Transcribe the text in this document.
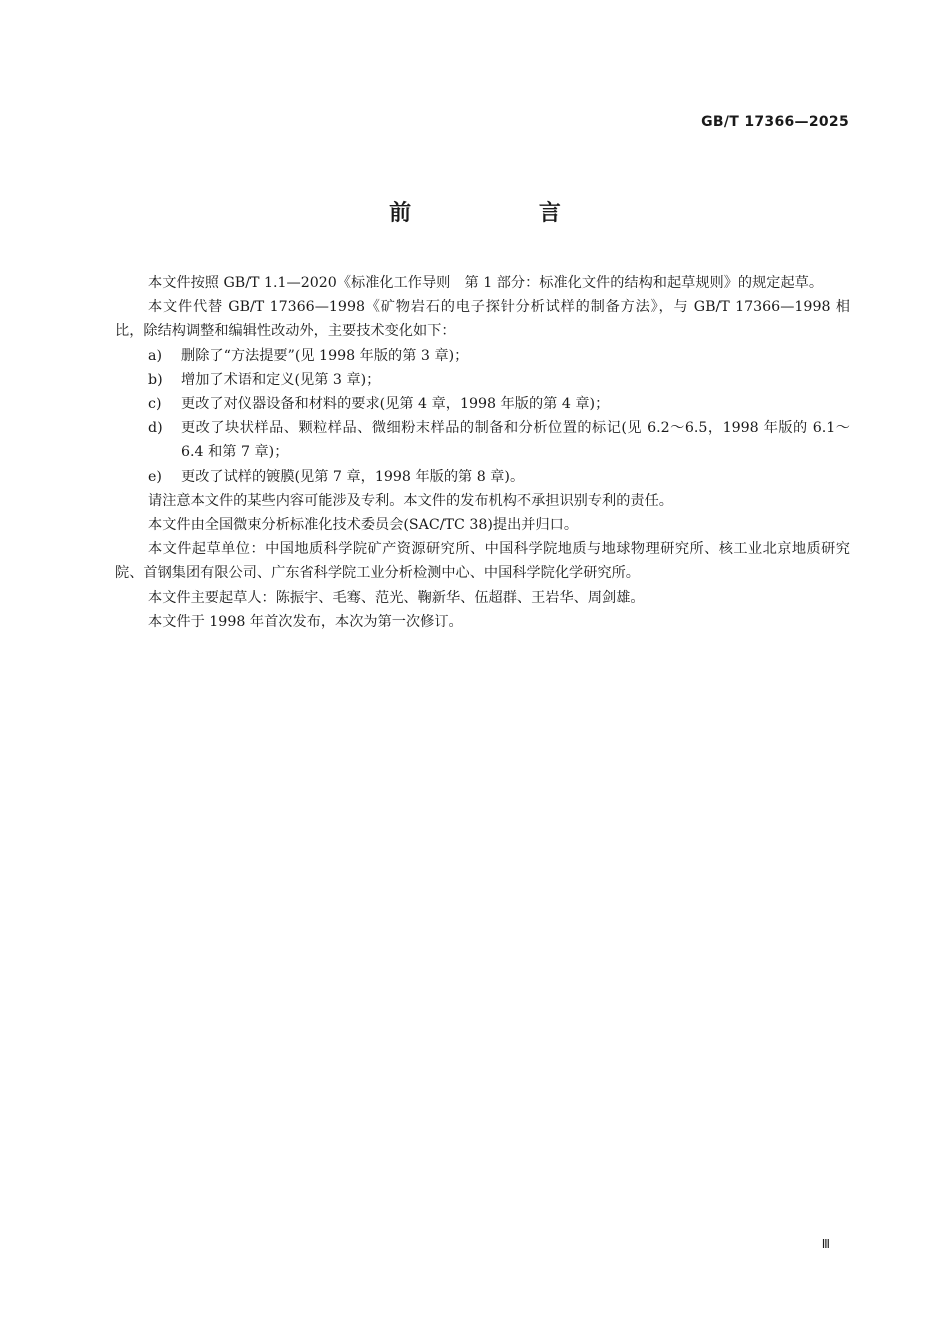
GB/T 17366—2025
前 言

本文件按照 GB/T 1.1—2020《标准化工作导则　第 1 部分：标准化文件的结构和起草规则》的规定起草。

本文件代替 GB/T 17366—1998《矿物岩石的电子探针分析试样的制备方法》，与 GB/T 17366—1998 相比，除结构调整和编辑性改动外，主要技术变化如下：

a)	删除了“方法提要”(见 1998 年版的第 3 章)；
b)	增加了术语和定义(见第 3 章)；
c)	更改了对仪器设备和材料的要求(见第 4 章，1998 年版的第 4 章)；
d)	更改了块状样品、颗粒样品、微细粉末样品的制备和分析位置的标记(见 6.2～6.5，1998 年版的 6.1～6.4 和第 7 章)；
e)	更改了试样的镀膜(见第 7 章，1998 年版的第 8 章)。

请注意本文件的某些内容可能涉及专利。本文件的发布机构不承担识别专利的责任。

本文件由全国微束分析标准化技术委员会(SAC/TC 38)提出并归口。

本文件起草单位：中国地质科学院矿产资源研究所、中国科学院地质与地球物理研究所、核工业北京地质研究院、首钢集团有限公司、广东省科学院工业分析检测中心、中国科学院化学研究所。

本文件主要起草人：陈振宇、毛骞、范光、鞠新华、伍超群、王岩华、周剑雄。

本文件于 1998 年首次发布，本次为第一次修订。

Ⅲ
